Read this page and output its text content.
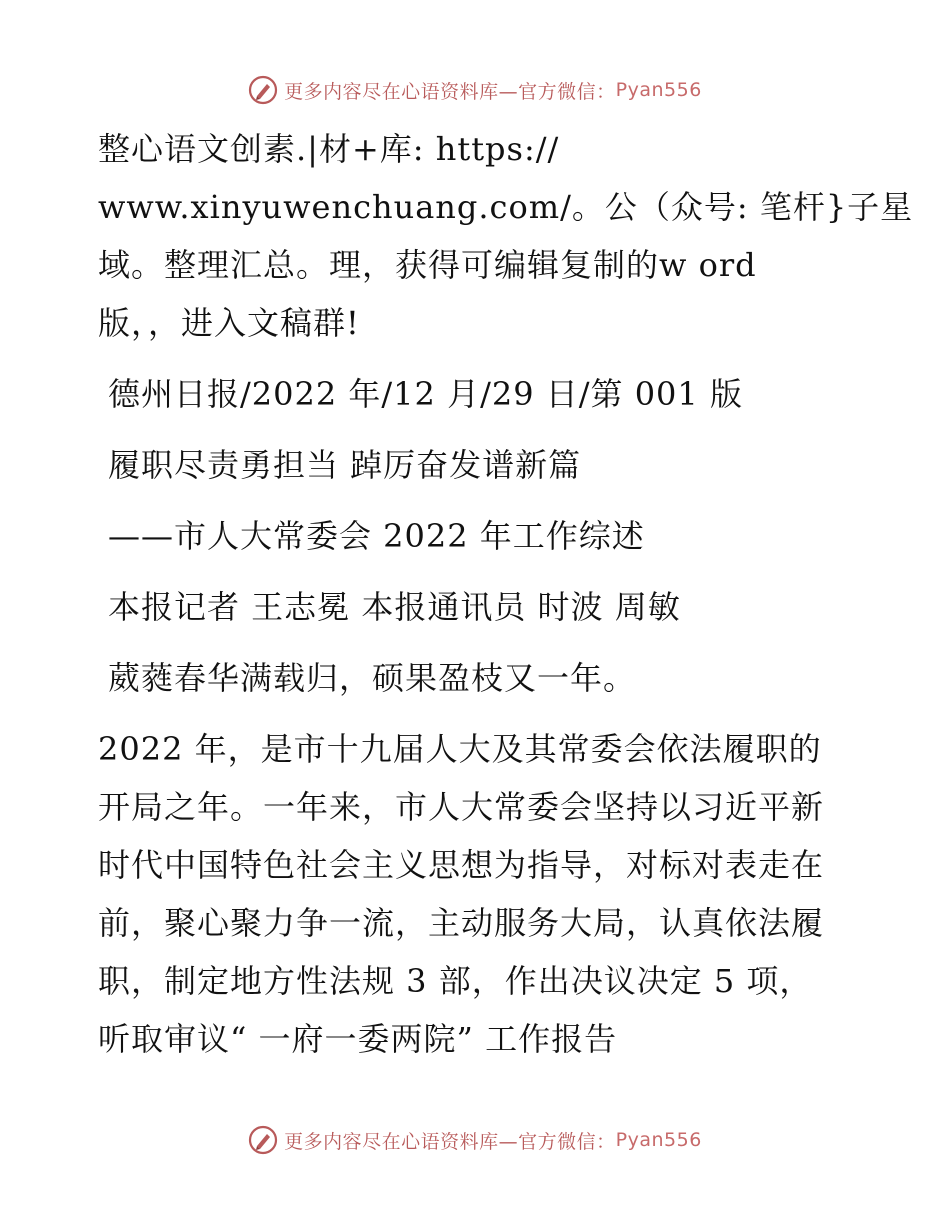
更多内容尽在心语资料库—官方微信： Pyan556
整心语文创素.|材+库: https://
www.xinyuwenchuang.com/。公（众号: 笔杆}子星
域。整理汇总。理，获得可编辑复制的w ord
版，，进入文稿群!
德州日报/2022 年/12 月/29 日/第 001 版
履职尽责勇担当 踔厉奋发谱新篇
——市人大常委会 2022 年工作综述
本报记者 王志冕 本报通讯员 时波 周敏
葳蕤春华满载归，硕果盈枝又一年。
2022 年，是市十九届人大及其常委会依法履职的
开局之年。一年来，市人大常委会坚持以习近平新
时代中国特色社会主义思想为指导，对标对表走在
前，聚心聚力争一流，主动服务大局，认真依法履
职，制定地方性法规 3 部，作出决议决定 5 项，
听取审议“ 一府一委两院” 工作报告
更多内容尽在心语资料库—官方微信： Pyan556
